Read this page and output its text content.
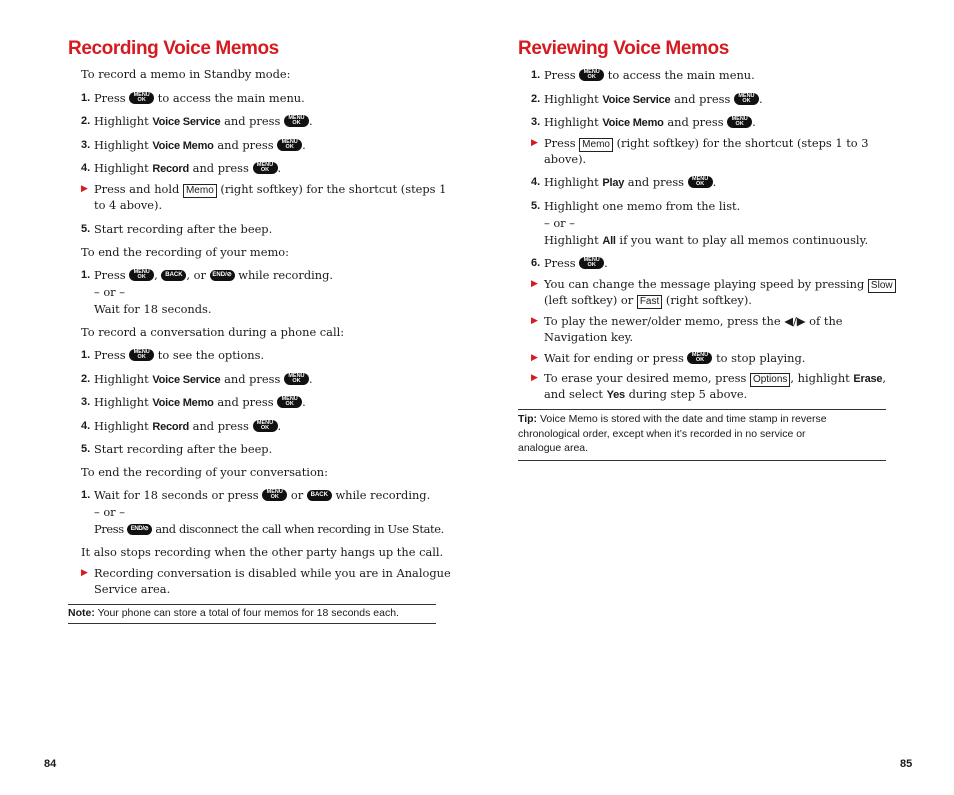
Recording Voice Memos
To record a memo in Standby mode:
1. Press MENU
OK to access the main menu.
2. Highlight Voice Service and press MENU
OK .
3. Highlight Voice Memo and press MENU
OK .
4. Highlight Record and press MENU
OK .
▶ Press and hold Memo (right softkey) for the shortcut (steps 1
to 4 above).
5. Start recording after the beep.
To end the recording of your memo:
1. Press MENU
OK , BACK , or END/⊘ while recording.
– or –
Wait for 18 seconds.
To record a conversation during a phone call:
1. Press MENU
OK to see the options.
2. Highlight Voice Service and press MENU
OK .
3. Highlight Voice Memo and press MENU
OK .
4. Highlight Record and press MENU
OK .
5. Start recording after the beep.
To end the recording of your conversation:
1. Wait for 18 seconds or press MENU
OK or BACK while recording.
– or –
Press END/⊘ and disconnect the call when recording in Use State.
It also stops recording when the other party hangs up the call.
▶ Recording conversation is disabled while you are in Analogue
Service area.
Note: Your phone can store a total of four memos for 18 seconds each.
84
Reviewing Voice Memos
1. Press MENU
OK to access the main menu.
2. Highlight Voice Service and press MENU
OK .
3. Highlight Voice Memo and press MENU
OK .
▶ Press Memo (right softkey) for the shortcut (steps 1 to 3
above).
4. Highlight Play and press MENU
OK .
5. Highlight one memo from the list.
– or –
Highlight All if you want to play all memos continuously.
6. Press MENU
OK .
▶ You can change the message playing speed by pressing Slow
(left softkey) or Fast (right softkey).
▶ To play the newer/older memo, press the ◀/▶ of the
Navigation key.
▶ Wait for ending or press MENU
OK to stop playing.
▶ To erase your desired memo, press Options , highlight Erase,
and select Yes during step 5 above.
Tip: Voice Memo is stored with the date and time stamp in reverse
chronological order, except when it’s recorded in no service or
analogue area.
85
